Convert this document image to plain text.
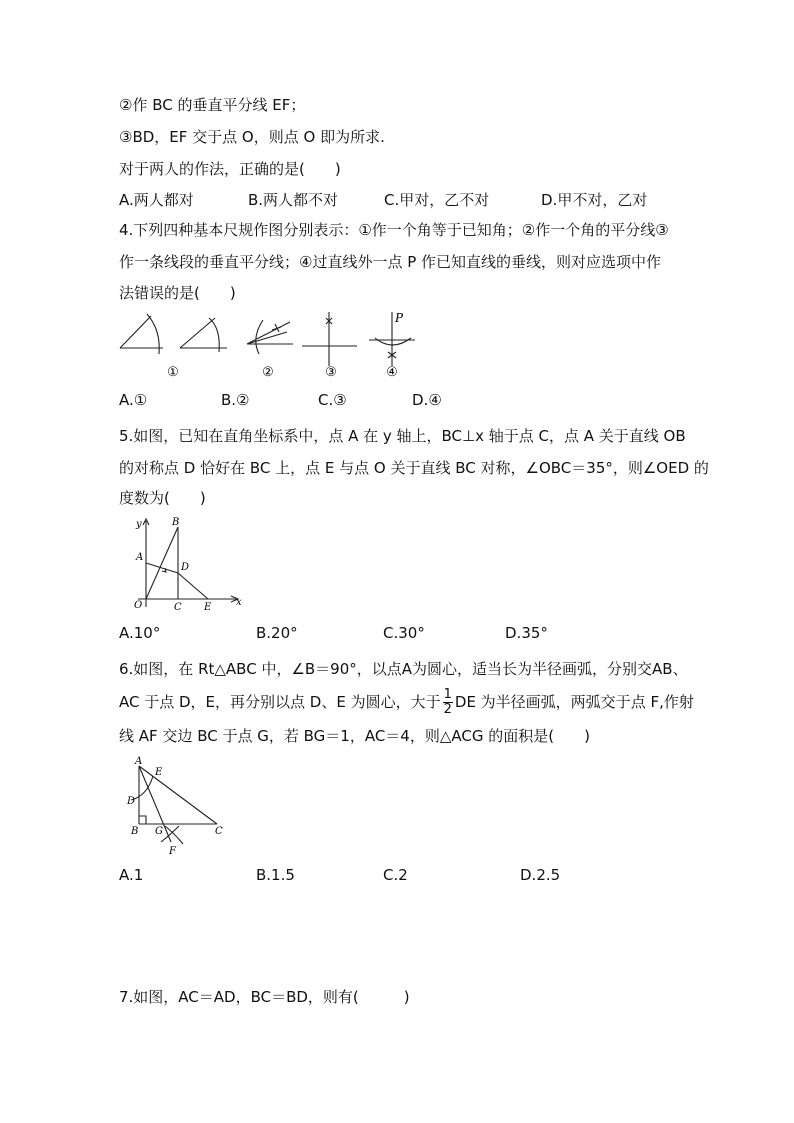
②作 BC 的垂直平分线 EF；
③BD，EF 交于点 O，则点 O 即为所求.
对于两人的作法，正确的是(　　)
A.两人都对	B.两人都不对	C.甲对，乙不对	D.甲不对，乙对
4.下列四种基本尺规作图分别表示：①作一个角等于已知角；②作一个角的平分线③
作一条线段的垂直平分线；④过直线外一点 P 作已知直线的垂线，则对应选项中作
法错误的是(　　)
P
①	②	③	④
A.①	B.②	C.③	D.④
5.如图，已知在直角坐标系中，点 A 在 y 轴上，BC⊥x 轴于点 C，点 A 关于直线 OB
的对称点 D 恰好在 BC 上，点 E 与点 O 关于直线 BC 对称，∠OBC＝35°，则∠OED 的
度数为(　　)
y	B
A
D
O	C E x
A.10°	B.20°	C.30°	D.35°
6.如图，在 Rt△ABC 中，∠B＝90°，以点A为圆心，适当长为半径画弧，分别交AB、
AC 于点 D，E，再分别以点 D、E 为圆心，大于 $\frac{1}{2}$ DE 为半径画弧，两弧交于点 F,作射
线 AF 交边 BC 于点 G，若 BG＝1，AC＝4，则△ACG 的面积是(　　)
A
E
D
B G	C
F
A.1	B.1.5	C.2	D.2.5
7.如图，AC＝AD，BC＝BD，则有(　　　)
